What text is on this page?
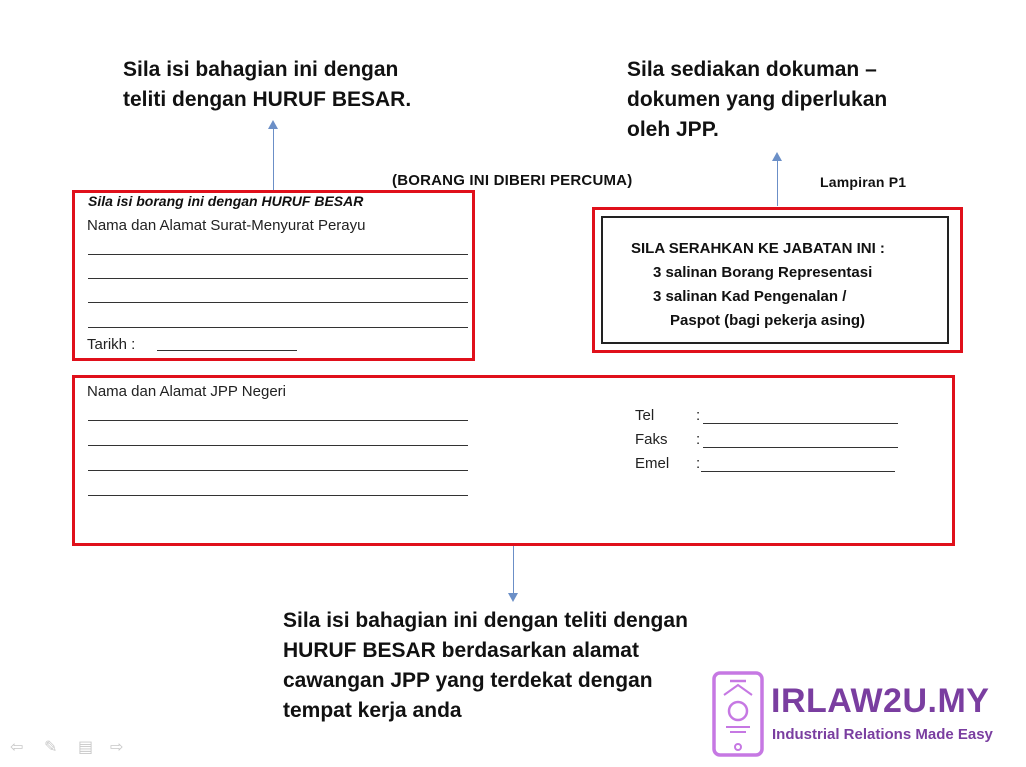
Sila isi bahagian ini dengan
teliti dengan HURUF BESAR.
Sila sediakan dokuman –
dokumen yang diperlukan
oleh JPP.
(BORANG INI DIBERI PERCUMA)	Lampiran P1
Sila isi borang ini dengan HURUF BESAR
Nama dan Alamat Surat-Menyurat Perayu
Tarikh :
SILA SERAHKAN KE JABATAN INI :
3 salinan Borang Representasi
3 salinan Kad Pengenalan /
Paspot (bagi pekerja asing)
Nama dan Alamat JPP Negeri
Tel	:
Faks :
Emel :
Sila isi bahagian ini dengan teliti dengan
HURUF BESAR berdasarkan alamat
cawangan JPP yang terdekat dengan
tempat kerja anda	IRLAW2U.MY
Industrial Relations Made Easy
⇦ ✎ ▤ ⇨
